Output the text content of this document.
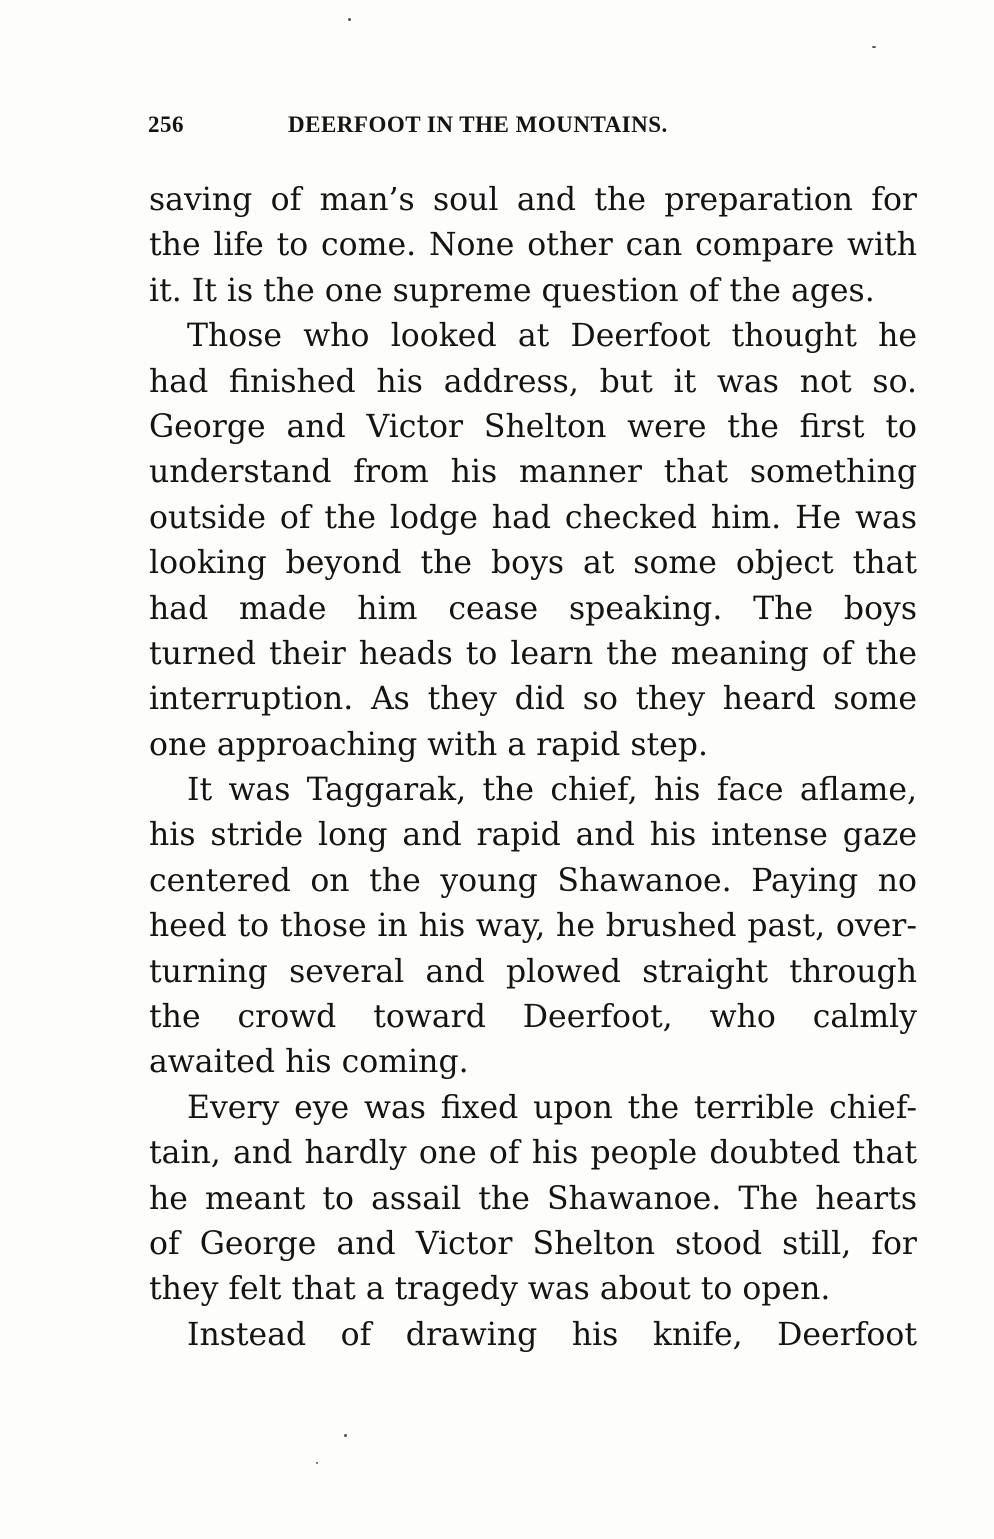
256	DEERFOOT IN THE MOUNTAINS.
saving of man’s soul and the preparation for
the life to come. None other can compare with
it. It is the one supreme question of the ages.
Those who looked at Deerfoot thought he
had finished his address, but it was not so.
George and Victor Shelton were the first to
understand from his manner that something
outside of the lodge had checked him. He was
looking beyond the boys at some object that
had made him cease speaking. The boys
turned their heads to learn the meaning of the
interruption. As they did so they heard some
one approaching with a rapid step.
It was Taggarak, the chief, his face aflame,
his stride long and rapid and his intense gaze
centered on the young Shawanoe. Paying no
heed to those in his way, he brushed past, over-
turning several and plowed straight through
the crowd toward Deerfoot, who calmly
awaited his coming.
Every eye was fixed upon the terrible chief-
tain, and hardly one of his people doubted that
he meant to assail the Shawanoe. The hearts
of George and Victor Shelton stood still, for
they felt that a tragedy was about to open.
Instead of drawing his knife, Deerfoot
